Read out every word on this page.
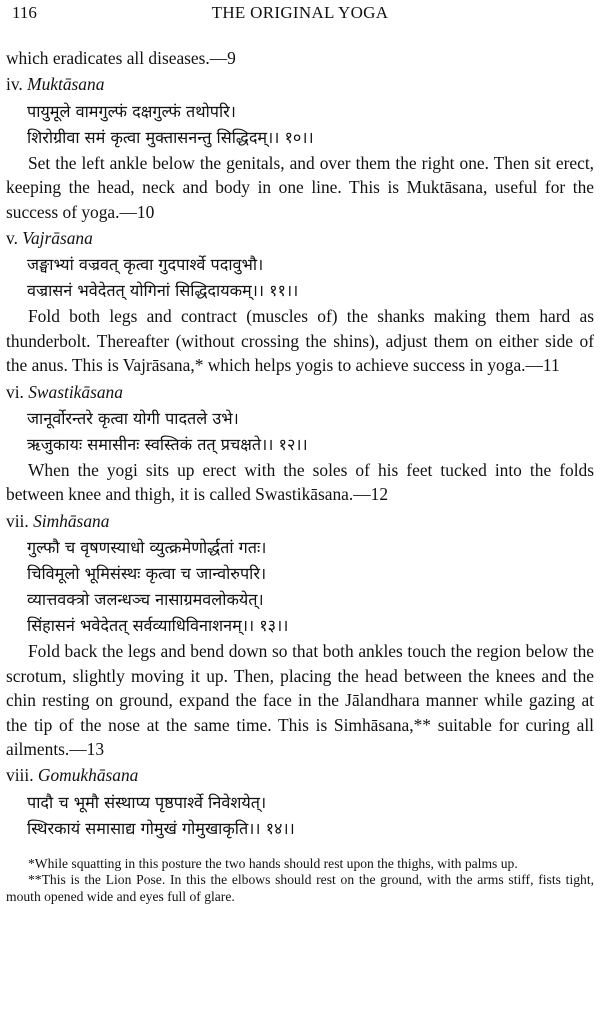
116	THE ORIGINAL YOGA

which eradicates all diseases.—9

iv. Muktāsana
पायुमूले वामगुल्फं दक्षगुल्फं तथोपरि।
शिरोग्रीवा समं कृत्वा मुक्तासनन्तु सिद्धिदम्।। १०।।

Set the left ankle below the genitals, and over them the right one. Then sit erect, keeping the head, neck and body in one line. This is Muktāsana, useful for the success of yoga.—10

v. Vajrāsana
जङ्घाभ्यां वज्रवत् कृत्वा गुदपार्श्वे पदावुभौ।
वज्रासनं भवेदेतत् योगिनां सिद्धिदायकम्।। ११।।

Fold both legs and contract (muscles of) the shanks making them hard as thunderbolt. Thereafter (without crossing the shins), adjust them on either side of the anus. This is Vajrāsana,* which helps yogis to achieve success in yoga.—11

vi. Swastikāsana
जानूर्वोरन्तरे कृत्वा योगी पादतले उभे।
ऋजुकायः समासीनः स्वस्तिकं तत् प्रचक्षते।। १२।।

When the yogi sits up erect with the soles of his feet tucked into the folds between knee and thigh, it is called Swastikāsana.—12

vii. Simhāsana
गुल्फौ च वृषणस्याधो व्युत्क्रमेणोर्द्धतां गतः।
चिविमूलो भूमिसंस्थः कृत्वा च जान्वोरुपरि।
व्यात्तवक्त्रो जलन्धञ्च नासाग्रमवलोकयेत्।
सिंहासनं भवेदेतत् सर्वव्याधिविनाशनम्।। १३।।

Fold back the legs and bend down so that both ankles touch the region below the scrotum, slightly moving it up. Then, placing the head between the knees and the chin resting on ground, expand the face in the Jālandhara manner while gazing at the tip of the nose at the same time. This is Simhāsana,** suitable for curing all ailments.—13

viii. Gomukhāsana
पादौ च भूमौ संस्थाप्य पृष्ठपार्श्वे निवेशयेत्।
स्थिरकायं समासाद्य गोमुखं गोमुखाकृति।। १४।।

*While squatting in this posture the two hands should rest upon the thighs, with palms up.

**This is the Lion Pose. In this the elbows should rest on the ground, with the arms stiff, fists tight, mouth opened wide and eyes full of glare.
